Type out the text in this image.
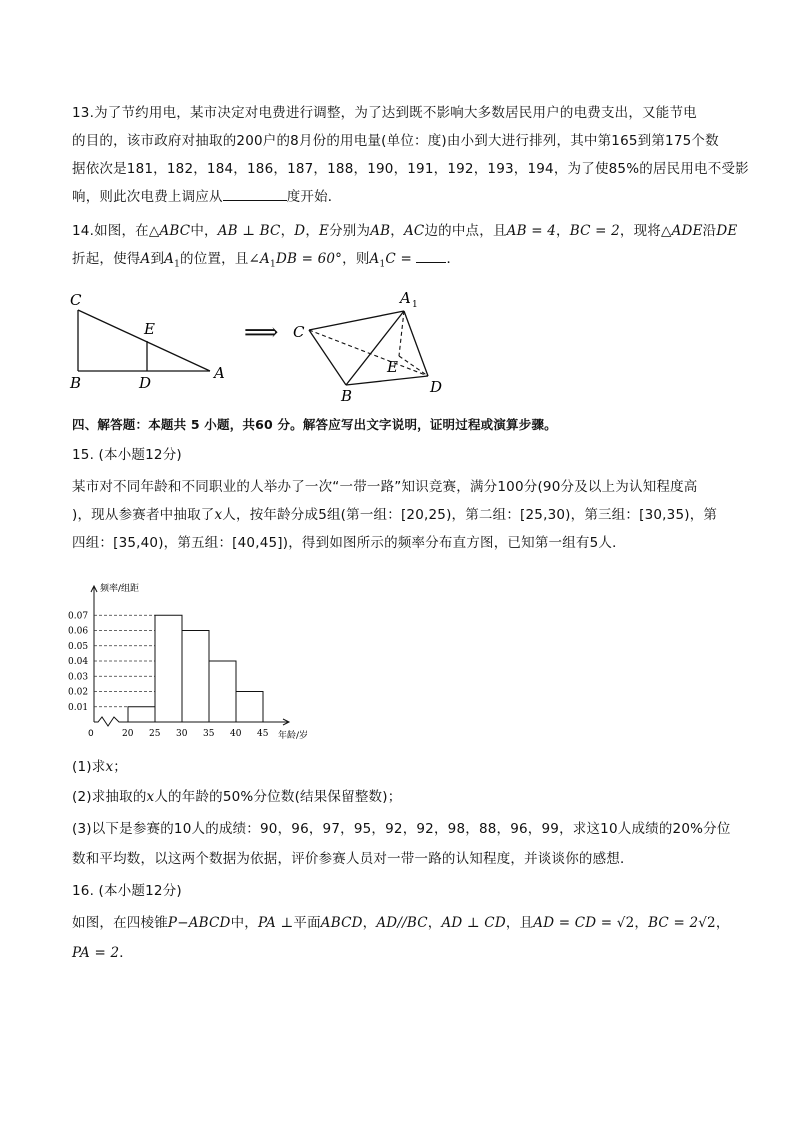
13.为了节约用电，某市决定对电费进行调整，为了达到既不影响大多数居民用户的电费支出，又能节电
的目的，该市政府对抽取的200户的8月份的用电量(单位：度)由小到大进行排列，其中第165到第175个数
据依次是181，182，184，186，187，188，190，191，192，193，194，为了使85%的居民用电不受影
响，则此次电费上调应从	度开始．
14.如图，在△ABC中，AB ⊥ BC，D，E分别为AB，AC边的中点，且AB = 4，BC = 2，现将△ADE沿DE
折起，使得A到$A_1$的位置，且$\angle A_1DB = 60^\circ$，则$A_1C$ = ．
C
E
B	D
A
⟹
A 1
C
E
B	D
四、解答题：本题共 5 小题，共60 分。解答应写出文字说明，证明过程或演算步骤。
15. (本小题12分)
某市对不同年龄和不同职业的人举办了一次“一带一路”知识竞赛，满分100分(90分及以上为认知程度高
)，现从参赛者中抽取了x人，按年龄分成5组(第一组：[20,25)，第二组：[25,30)，第三组：[30,35)，第
四组：[35,40)，第五组：[40,45])，得到如图所示的频率分布直方图，已知第一组有5人．
0.01
0.02
0.03
0.04
0.05
0.06
0.07
20 25 30 35 40 45
频率/组距
年龄/岁
0
(1)求x；
(2)求抽取的x人的年龄的50%分位数(结果保留整数)；
(3)以下是参赛的10人的成绩：90，96，97，95，92，92，98，88，96，99，求这10人成绩的20%分位
数和平均数，以这两个数据为依据，评价参赛人员对一带一路的认知程度，并谈谈你的感想．
16. (本小题12分)
如图，在四棱锥P−ABCD中，PA ⊥平面ABCD，AD//BC，AD ⊥ CD，且AD = CD = √2，BC = 2√2，
PA = 2．
